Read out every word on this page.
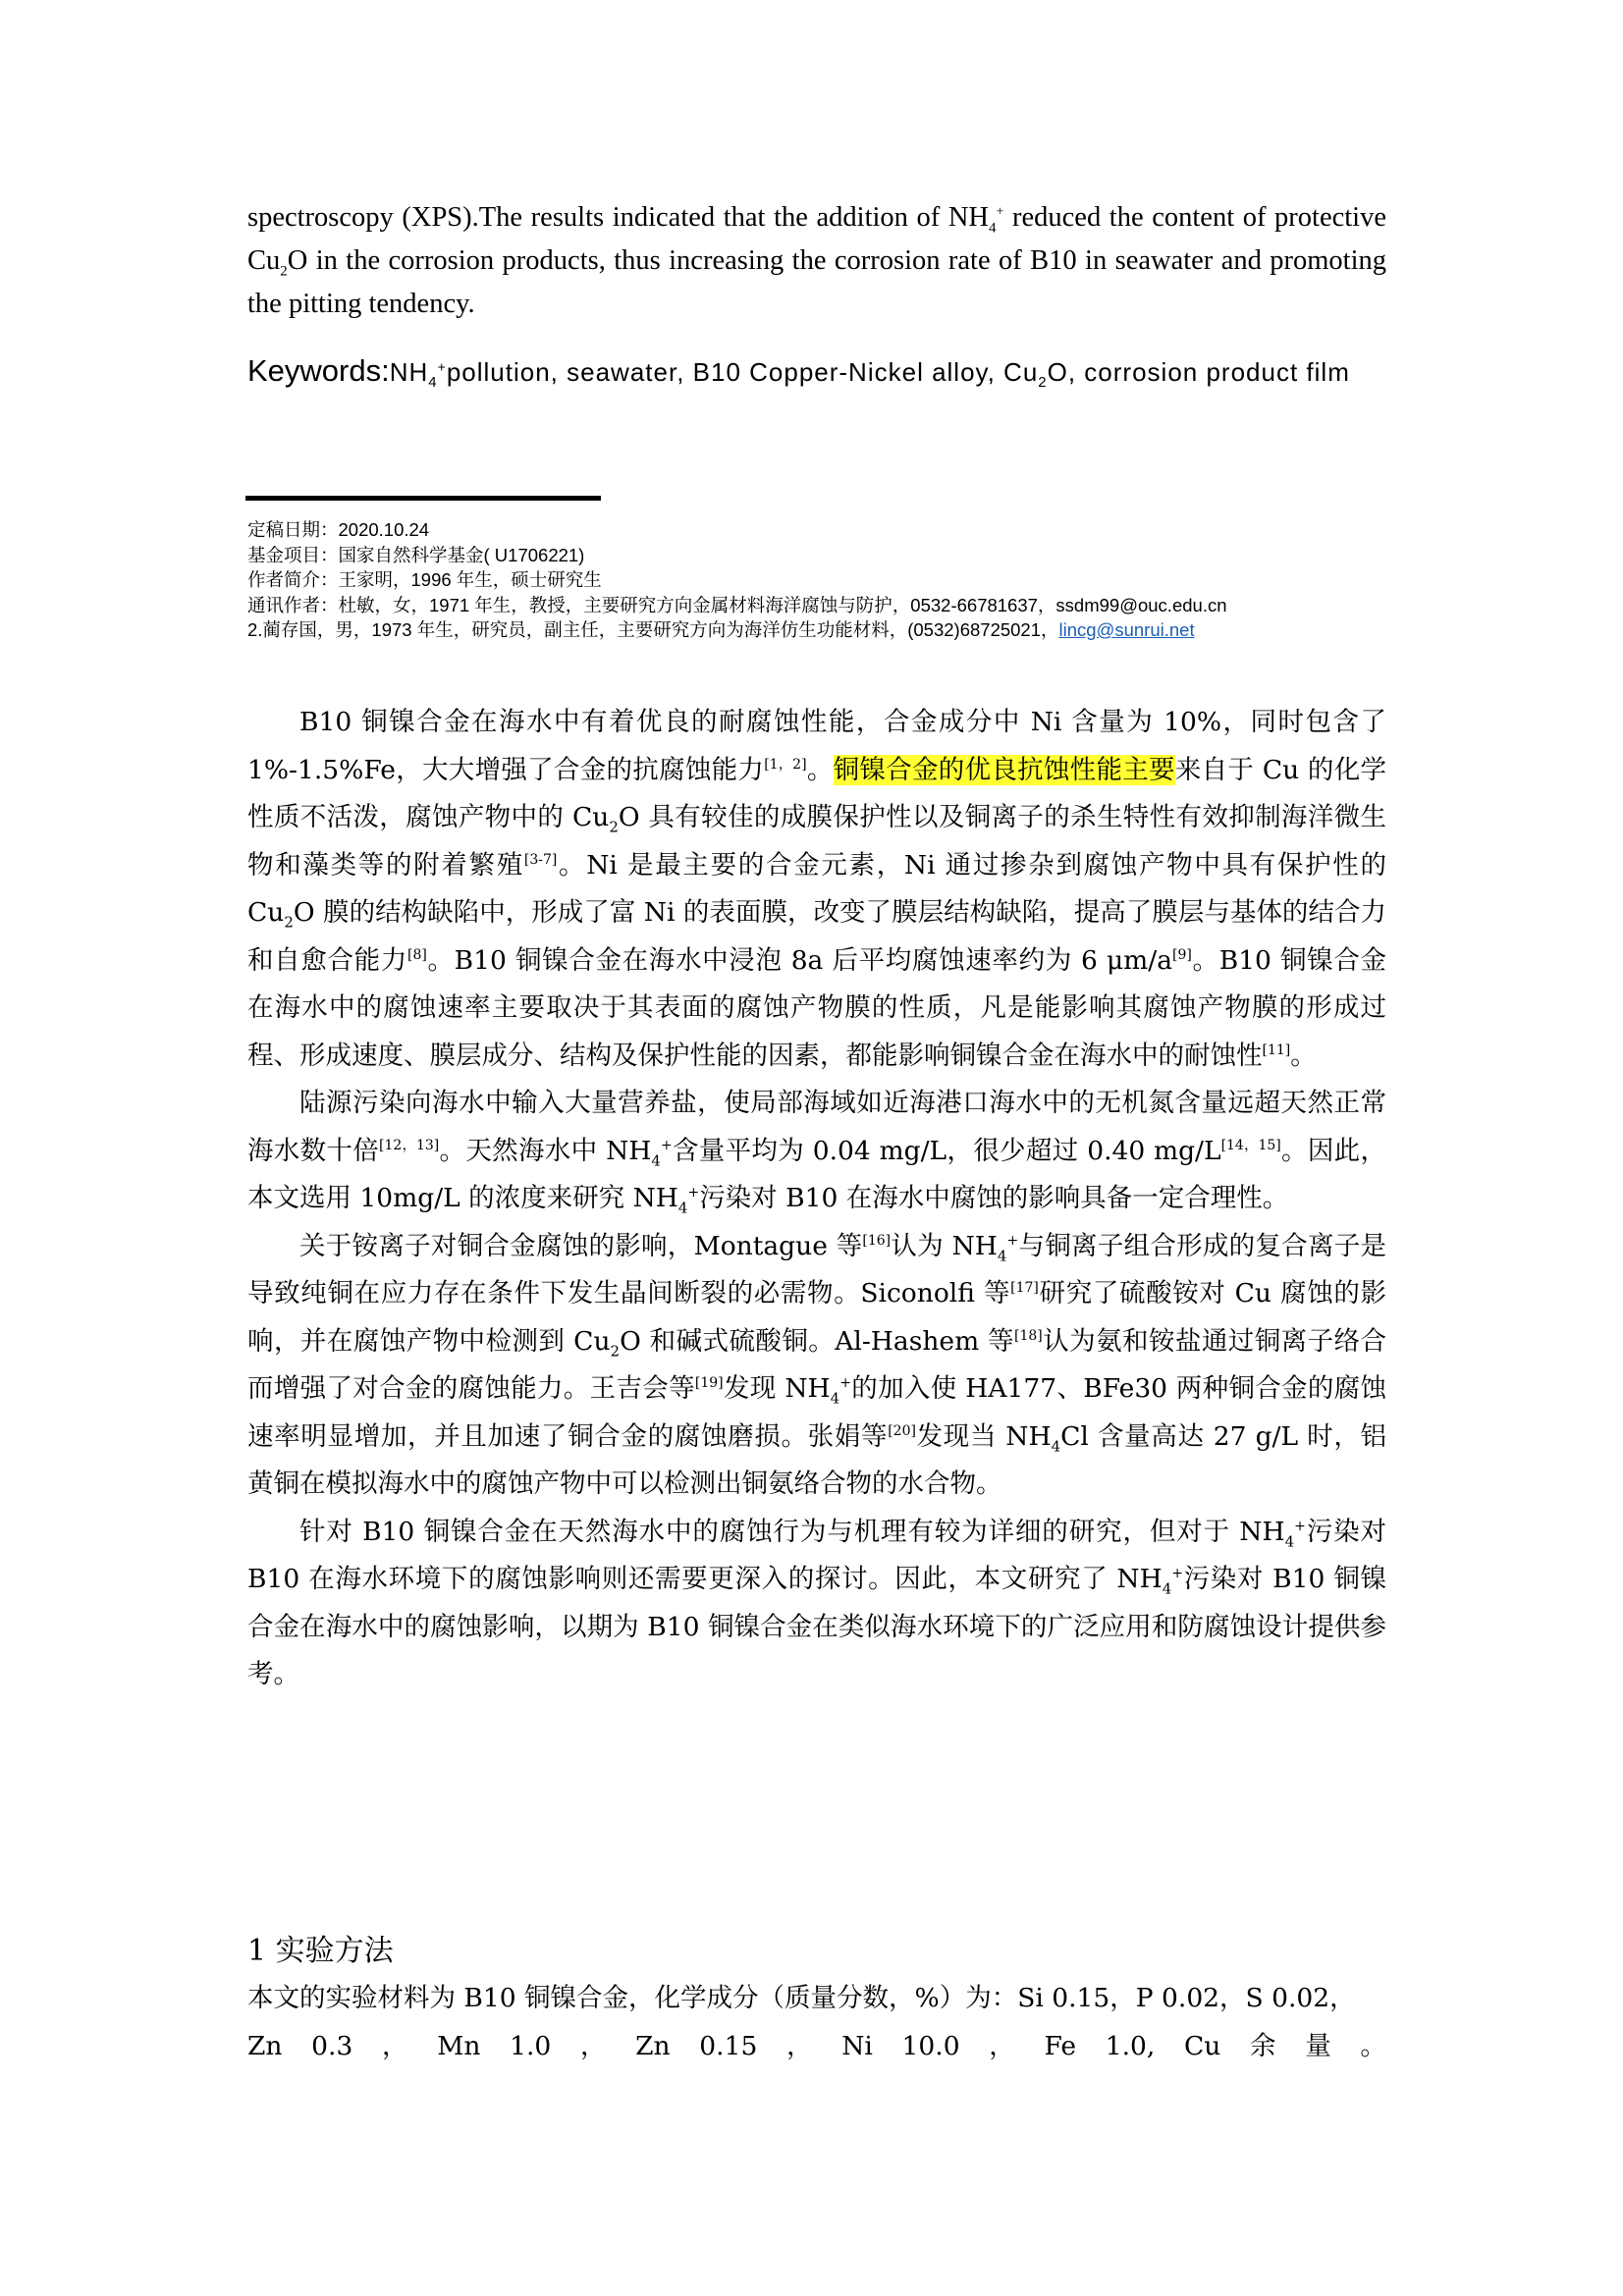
spectroscopy (XPS).The results indicated that the addition of $NH_4^+$ reduced the content of protective $Cu_2O$ in the corrosion products, thus increasing the corrosion rate of B10 in seawater and promoting the pitting tendency.
$Keywords:NH_4^+pollution$, seawater, B10 Copper-Nickel alloy, $Cu_2O$, corrosion product film
定稿日期：2020.10.24
基金项目：国家自然科学基金( U1706221)
作者简介：王家明，1996 年生，硕士研究生
通讯作者：杜敏，女，1971 年生，教授，主要研究方向金属材料海洋腐蚀与防护，0532-66781637，ssdm99@ouc.edu.cn
2.蔺存国，男，1973 年生，研究员，副主任，主要研究方向为海洋仿生功能材料，(0532)68725021，lincg@sunrui.net

B10 铜镍合金在海水中有着优良的耐腐蚀性能，合金成分中 Ni 含量为 10%，同时包含了 1%-1.5%Fe，大大增强了合金的抗腐蚀能力[1，2]。铜镍合金的优良抗蚀性能主要来自于 Cu 的化学性质不活泼，腐蚀产物中的 $Cu_2O$ 具有较佳的成膜保护性以及铜离子的杀生特性有效抑制海洋微生物和藻类等的附着繁殖[3-7]。Ni 是最主要的合金元素，Ni 通过掺杂到腐蚀产物中具有保护性的 $Cu_2O$ 膜的结构缺陷中，形成了富 Ni 的表面膜，改变了膜层结构缺陷，提高了膜层与基体的结合力和自愈合能力[8]。B10 铜镍合金在海水中浸泡 8a 后平均腐蚀速率约为 6 μm/a[9]。B10 铜镍合金在海水中的腐蚀速率主要取决于其表面的腐蚀产物膜的性质，凡是能影响其腐蚀产物膜的形成过程、形成速度、膜层成分、结构及保护性能的因素，都能影响铜镍合金在海水中的耐蚀性[11]。

陆源污染向海水中输入大量营养盐，使局部海域如近海港口海水中的无机氮含量远超天然正常海水数十倍[12，13]。天然海水中 $NH_4^+$含量平均为 0.04 mg/L，很少超过 0.40 mg/L[14，15]。因此，本文选用 10mg/L 的浓度来研究 $NH_4^+$污染对 B10 在海水中腐蚀的影响具备一定合理性。

关于铵离子对铜合金腐蚀的影响，Montague 等[16]认为 $NH_4^+$与铜离子组合形成的复合离子是导致纯铜在应力存在条件下发生晶间断裂的必需物。Siconolfi 等[17]研究了硫酸铵对 Cu 腐蚀的影响，并在腐蚀产物中检测到 $Cu_2O$ 和碱式硫酸铜。Al-Hashem 等[18]认为氨和铵盐通过铜离子络合而增强了对合金的腐蚀能力。王吉会等[19]发现 $NH_4^+$的加入使 HA177、BFe30 两种铜合金的腐蚀速率明显增加，并且加速了铜合金的腐蚀磨损。张娟等[20]发现当 $NH_4Cl$ 含量高达 27 g/L 时，铝黄铜在模拟海水中的腐蚀产物中可以检测出铜氨络合物的水合物。

针对 B10 铜镍合金在天然海水中的腐蚀行为与机理有较为详细的研究，但对于 $NH_4^+$污染对 B10 在海水环境下的腐蚀影响则还需要更深入的探讨。因此，本文研究了 $NH_4^+$污染对 B10 铜镍合金在海水中的腐蚀影响，以期为 B10 铜镍合金在类似海水环境下的广泛应用和防腐蚀设计提供参考。

1 实验方法
本文的实验材料为 B10 铜镍合金，化学成分（质量分数，%）为：Si 0.15，P 0.02，S 0.02，
Zn 0.3 ， Mn 1.0 ， Zn 0.15 ， Ni 10.0 ， Fe 1.0, Cu 余 量 。
